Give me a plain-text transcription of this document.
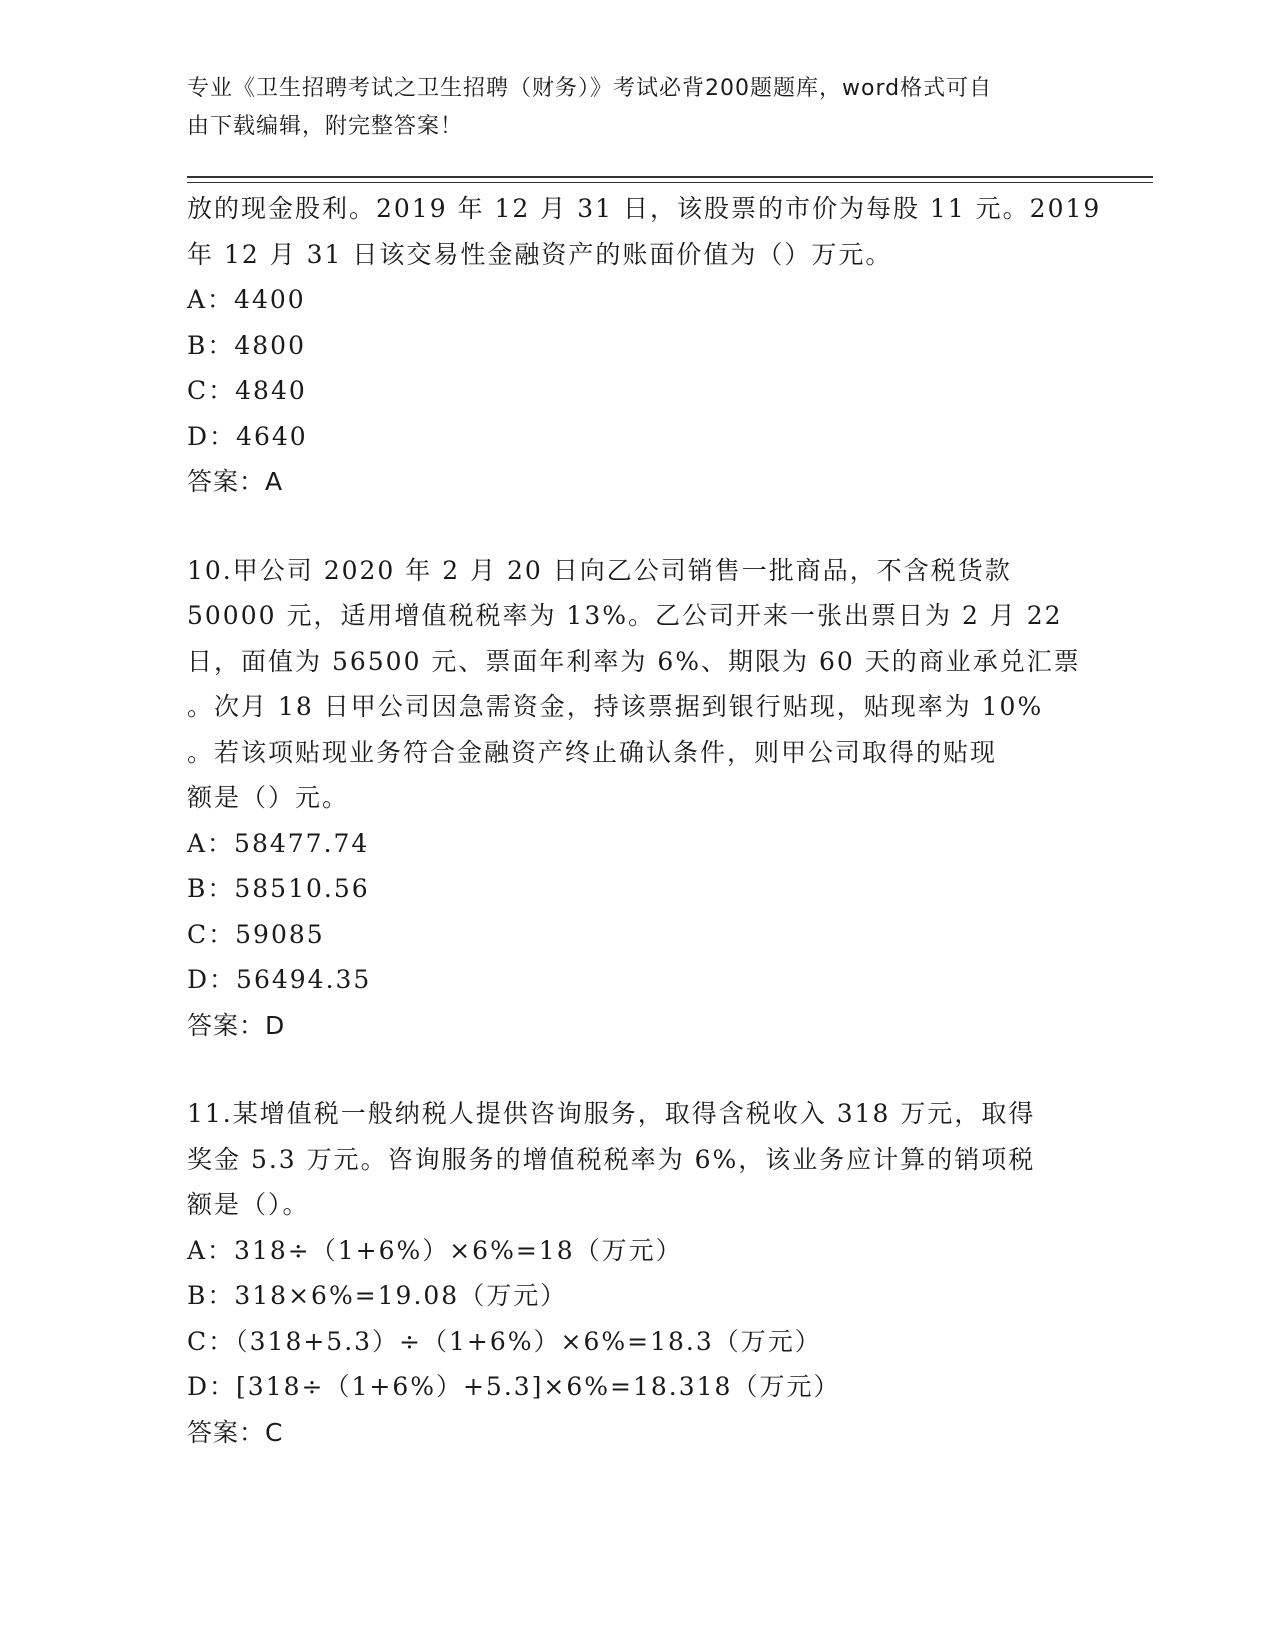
专业《卫生招聘考试之卫生招聘（财务）》考试必背200题题库，word格式可自
由下载编辑，附完整答案！
放的现金股利。2019 年 12 月 31 日，该股票的市价为每股 11 元。2019
年 12 月 31 日该交易性金融资产的账面价值为（）万元。
A：4400
B：4800
C：4840
D：4640
答案：A
10.甲公司 2020 年 2 月 20 日向乙公司销售一批商品，不含税货款
50000 元，适用增值税税率为 13%。乙公司开来一张出票日为 2 月 22
日，面值为 56500 元、票面年利率为 6%、期限为 60 天的商业承兑汇票
。次月 18 日甲公司因急需资金，持该票据到银行贴现，贴现率为 10%
。若该项贴现业务符合金融资产终止确认条件，则甲公司取得的贴现
额是（）元。
A：58477.74
B：58510.56
C：59085
D：56494.35
答案：D
11.某增值税一般纳税人提供咨询服务，取得含税收入 318 万元，取得
奖金 5.3 万元。咨询服务的增值税税率为 6%，该业务应计算的销项税
额是（）。
A：318÷（1+6%）×6%=18（万元）
B：318×6%=19.08（万元）
C：（318+5.3）÷（1+6%）×6%=18.3（万元）
D：[318÷（1+6%）+5.3]×6%=18.318（万元）
答案：C
